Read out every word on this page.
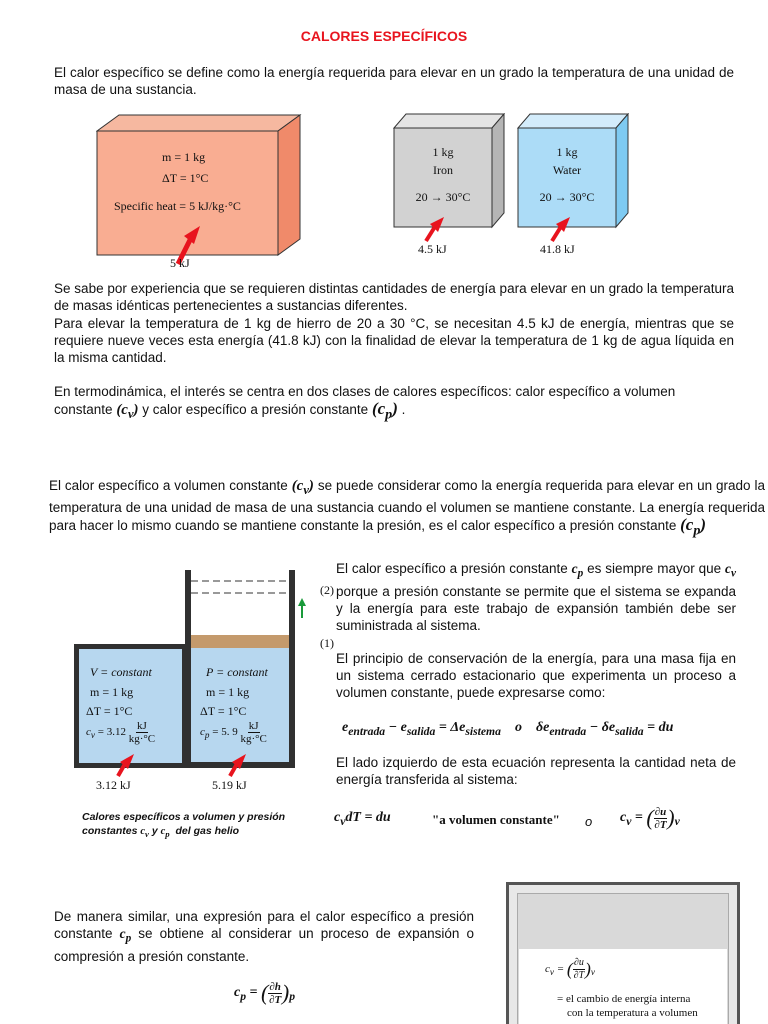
CALORES ESPECÍFICOS
El calor específico se define como la energía requerida para elevar en un grado la temperatura de una unidad de masa de una sustancia.
m = 1 kg
ΔT = 1°C
Specific heat = 5 kJ/kg·°C
5 kJ
1 kg
Iron
20 → 30°C
4.5 kJ
1 kg
Water
20 → 30°C
41.8 kJ
Se sabe por experiencia que se requieren distintas cantidades de energía para elevar en un grado la temperatura de masas idénticas pertenecientes a sustancias diferentes.
Para elevar la temperatura de 1 kg de hierro de 20 a 30 °C, se necesitan 4.5 kJ de energía, mientras que se requiere nueve veces esta energía (41.8 kJ) con la finalidad de elevar la temperatura de 1 kg de agua líquida en la misma cantidad.
En termodinámica, el interés se centra en dos clases de calores específicos: calor específico a volumen
constante $(c_v)$ y calor específico a presión constante $(c_p)$ .
El calor específico a volumen constante $(c_v)$ se puede considerar como la energía requerida para elevar en un grado la temperatura de una unidad de masa de una sustancia cuando el volumen se mantiene constante. La energía requerida para hacer lo mismo cuando se mantiene constante la presión, es el calor específico a presión constante $(c_p)$
(2)
(1)
V = constant
m = 1 kg
ΔT = 1°C
$c_v = 3.12 \frac{kJ}{kg\cdot^\circ C}$
P = constant
m = 1 kg
ΔT = 1°C
$c_p = 5$. $9 \frac{kJ}{kg\cdot^\circ C}$
3.12 kJ	5.19 kJ
Calores específicos a volumen y presión
constantes $c_v$ y $c_p$ del gas helio
El calor específico a presión constante $c_p$ es siempre mayor que $c_v$ porque a presión constante se permite que el sistema se expanda y la energía para este trabajo de expansión también debe ser suministrada al sistema.
El principio de conservación de la energía, para una masa fija en un sistema cerrado estacionario que experimenta un proceso a volumen constante, puede expresarse como:
$e_{entrada} - e_{salida} = \Delta e_{sistema}$ o    $\delta e_{entrada} - \delta e_{salida}$ = du
El lado izquierdo de esta ecuación representa la cantidad neta de energía transferida al sistema:
$c_vdT$ = du	"a volumen constante" o $c_v$ = ( $\frac{\partial u}{\partial T} )_v$
De manera similar, una expresión para el calor específico a presión constante $c_p$ se obtiene al considerar un proceso de expansión o compresión a presión constante.
$c_p$ = ( $\frac{\partial h}{\partial T} )_p$
$c_v$ = ( $\frac{\partial u}{\partial T} )_v$
= el cambio de energía interna
con la temperatura a volumen
